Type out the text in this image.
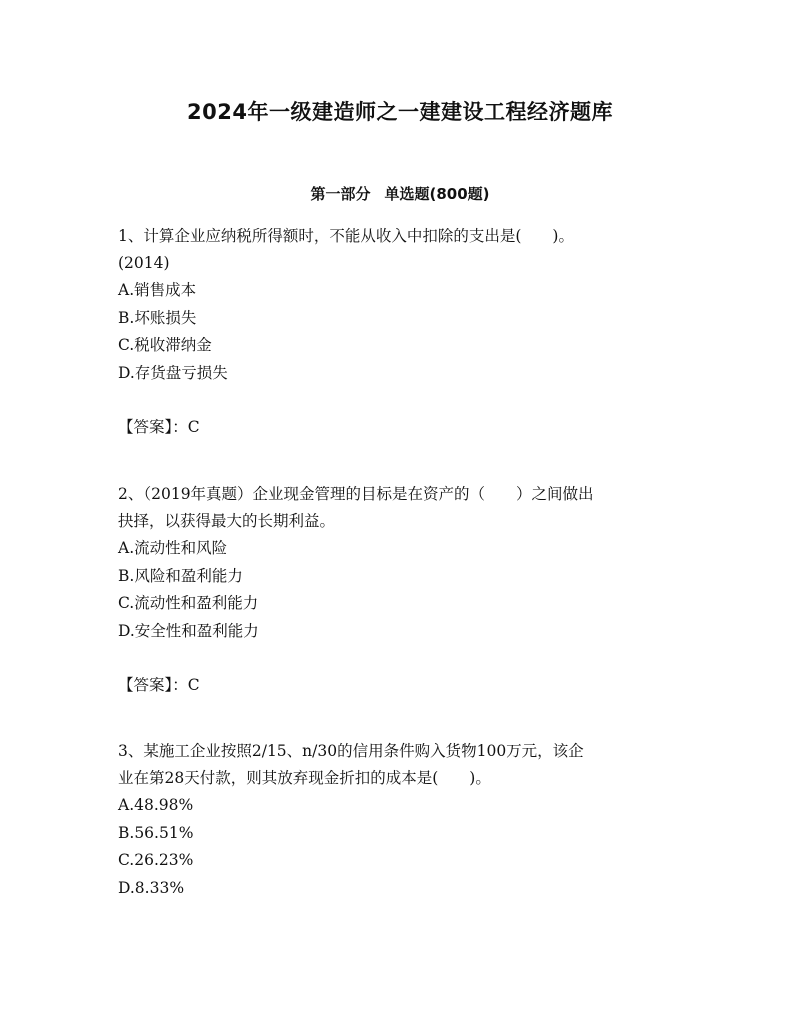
2024年一级建造师之一建建设工程经济题库
第一部分 单选题(800题)

1、计算企业应纳税所得额时，不能从收入中扣除的支出是(　　)。
(2014)

A.销售成本
B.坏账损失
C.税收滞纳金
D.存货盘亏损失

【答案】：C

2、（2019年真题）企业现金管理的目标是在资产的（　　）之间做出
抉择，以获得最大的长期利益。

A.流动性和风险
B.风险和盈利能力
C.流动性和盈利能力
D.安全性和盈利能力

【答案】：C

3、某施工企业按照2/15、n/30的信用条件购入货物100万元，该企
业在第28天付款，则其放弃现金折扣的成本是(　　)。

A.48.98%
B.56.51%
C.26.23%
D.8.33%
